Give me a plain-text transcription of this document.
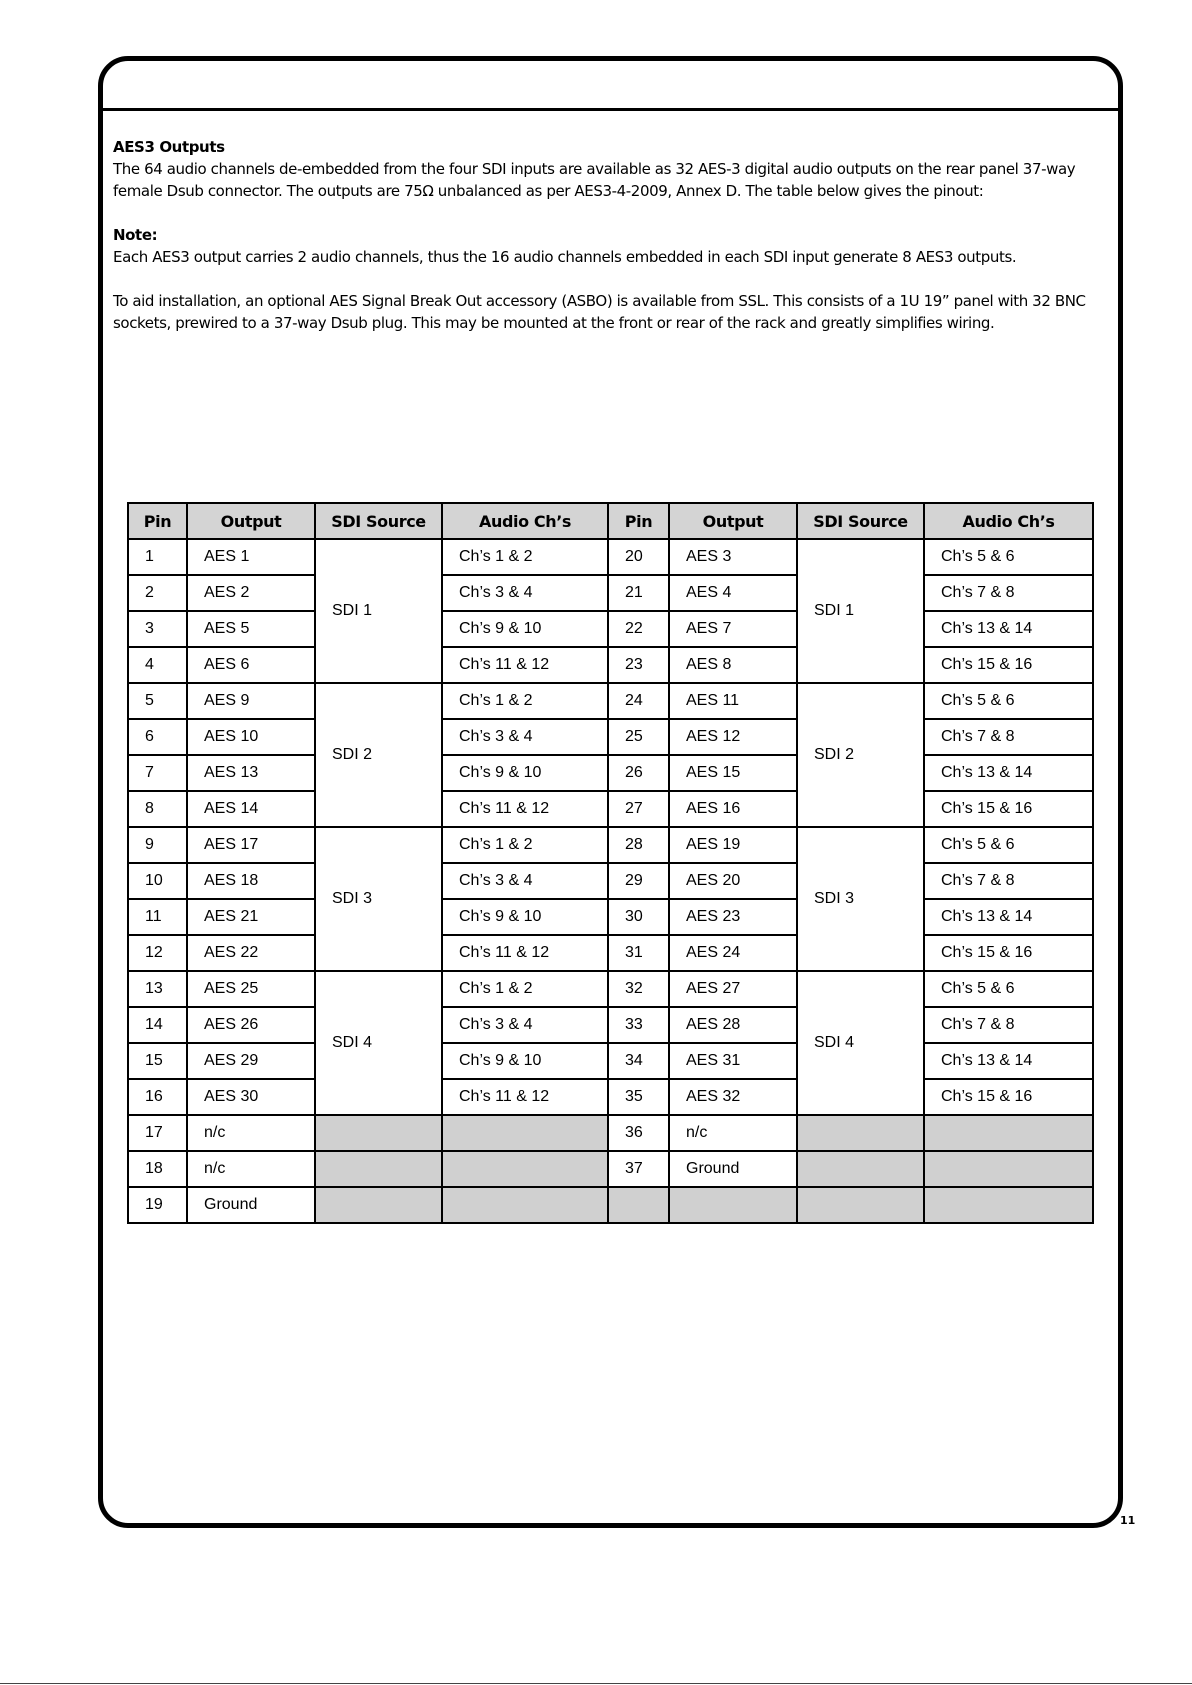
AES3 Outputs

The 64 audio channels de-embedded from the four SDI inputs are available as 32 AES-3 digital audio outputs on the rear panel 37-way female Dsub connector. The outputs are 75Ω unbalanced as per AES3-4-2009, Annex D. The table below gives the pinout:

Note:

Each AES3 output carries 2 audio channels, thus the 16 audio channels embedded in each SDI input generate 8 AES3 outputs.

To aid installation, an optional AES Signal Break Out accessory (ASBO) is available from SSL. This consists of a 1U 19” panel with 32 BNC sockets, prewired to a 37-way Dsub plug. This may be mounted at the front or rear of the rack and greatly simplifies wiring.

Pin	Output	SDI Source	Audio Ch’s	Pin	Output	SDI Source	Audio Ch’s
1	AES 1	SDI 1	Ch’s 1 & 2	20	AES 3	SDI 1	Ch’s 5 & 6
2	AES 2		Ch’s 3 & 4	21	AES 4		Ch’s 7 & 8
3	AES 5		Ch’s 9 & 10	22	AES 7		Ch’s 13 & 14
4	AES 6		Ch’s 11 & 12	23	AES 8		Ch’s 15 & 16
5	AES 9	SDI 2	Ch’s 1 & 2	24	AES 11	SDI 2	Ch’s 5 & 6
6	AES 10		Ch’s 3 & 4	25	AES 12		Ch’s 7 & 8
7	AES 13		Ch’s 9 & 10	26	AES 15		Ch’s 13 & 14
8	AES 14		Ch’s 11 & 12	27	AES 16		Ch’s 15 & 16
9	AES 17	SDI 3	Ch’s 1 & 2	28	AES 19	SDI 3	Ch’s 5 & 6
10	AES 18		Ch’s 3 & 4	29	AES 20		Ch’s 7 & 8
11	AES 21		Ch’s 9 & 10	30	AES 23		Ch’s 13 & 14
12	AES 22		Ch’s 11 & 12	31	AES 24		Ch’s 15 & 16
13	AES 25	SDI 4	Ch’s 1 & 2	32	AES 27	SDI 4	Ch’s 5 & 6
14	AES 26		Ch’s 3 & 4	33	AES 28		Ch’s 7 & 8
15	AES 29		Ch’s 9 & 10	34	AES 31		Ch’s 13 & 14
16	AES 30		Ch’s 11 & 12	35	AES 32		Ch’s 15 & 16
17	n/c			36	n/c		
18	n/c			37	Ground		
19	Ground						
11
